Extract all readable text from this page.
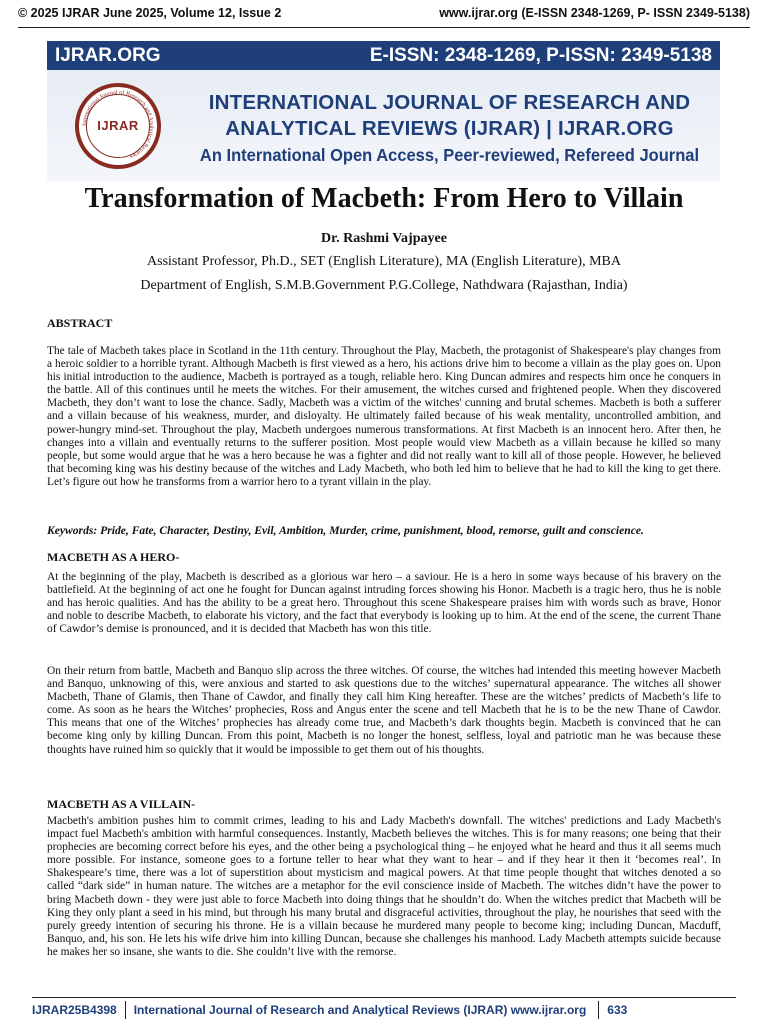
© 2025 IJRAR June 2025, Volume 12, Issue 2	www.ijrar.org (E-ISSN 2348-1269, P- ISSN 2349-5138)
IJRAR.ORG	E-ISSN: 2348-1269, P-ISSN: 2349-5138
International Journal of Research and Analytical Reviews
IJRAR
INTERNATIONAL JOURNAL OF RESEARCH AND
ANALYTICAL REVIEWS (IJRAR) | IJRAR.ORG
An International Open Access, Peer-reviewed, Refereed Journal
Transformation of Macbeth: From Hero to Villain
Dr. Rashmi Vajpayee
Assistant Professor, Ph.D., SET (English Literature), MA (English Literature), MBA
Department of English, S.M.B.Government P.G.College, Nathdwara (Rajasthan, India)
ABSTRACT

The tale of Macbeth takes place in Scotland in the 11th century. Throughout the Play, Macbeth, the protagonist of Shakespeare's play changes from a heroic soldier to a horrible tyrant. Although Macbeth is first viewed as a hero, his actions drive him to become a villain as the play goes on. Upon his initial introduction to the audience, Macbeth is portrayed as a tough, reliable hero. King Duncan admires and respects him once he conquers in the battle. All of this continues until he meets the witches. For their amusement, the witches cursed and frightened people. When they discovered Macbeth, they don’t want to lose the chance. Sadly, Macbeth was a victim of the witches' cunning and brutal schemes. Macbeth is both a sufferer and a villain because of his weakness, murder, and disloyalty. He ultimately failed because of his weak mentality, uncontrolled ambition, and power-hungry mind-set. Throughout the play, Macbeth undergoes numerous transformations. At first Macbeth is an innocent hero. After then, he changes into a villain and eventually returns to the sufferer position. Most people would view Macbeth as a villain because he killed so many people, but some would argue that he was a hero because he was a fighter and did not really want to kill all of those people. However, he believed that becoming king was his destiny because of the witches and Lady Macbeth, who both led him to believe that he had to kill the king to get there. Let’s figure out how he transforms from a warrior hero to a tyrant villain in the play.

Keywords: Pride, Fate, Character, Destiny, Evil, Ambition, Murder, crime, punishment, blood, remorse, guilt and conscience.
MACBETH AS A HERO-

At the beginning of the play, Macbeth is described as a glorious war hero – a saviour. He is a hero in some ways because of his bravery on the battlefield. At the beginning of act one he fought for Duncan against intruding forces showing his Honor. Macbeth is a tragic hero, thus he is noble and has heroic qualities. And has the ability to be a great hero. Throughout this scene Shakespeare praises him with words such as brave, Honor and noble to describe Macbeth, to elaborate his victory, and the fact that everybody is looking up to him. At the end of the scene, the current Thane of Cawdor’s demise is pronounced, and it is decided that Macbeth has won this title.

On their return from battle, Macbeth and Banquo slip across the three witches. Of course, the witches had intended this meeting however Macbeth and Banquo, unknowing of this, were anxious and started to ask questions due to the witches’ supernatural appearance. The witches all shower Macbeth, Thane of Glamis, then Thane of Cawdor, and finally they call him King hereafter. These are the witches’ predicts of Macbeth’s life to come. As soon as he hears the Witches’ prophecies, Ross and Angus enter the scene and tell Macbeth that he is to be the new Thane of Cawdor. This means that one of the Witches’ prophecies has already come true, and Macbeth’s dark thoughts begin. Macbeth is convinced that he can become king only by killing Duncan. From this point, Macbeth is no longer the honest, selfless, loyal and patriotic man he was because these thoughts have ruined him so quickly that it would be impossible to get them out of his thoughts.

MACBETH AS A VILLAIN-

Macbeth's ambition pushes him to commit crimes, leading to his and Lady Macbeth's downfall. The witches' predictions and Lady Macbeth's impact fuel Macbeth's ambition with harmful consequences. Instantly, Macbeth believes the witches. This is for many reasons; one being that their prophecies are becoming correct before his eyes, and the other being a psychological thing – he enjoyed what he heard and thus it all seems much more possible. For instance, someone goes to a fortune teller to hear what they want to hear – and if they hear it then it ‘becomes real’. In Shakespeare’s time, there was a lot of superstition about mysticism and magical powers. At that time people thought that witches denoted a so called “dark side” in human nature. The witches are a metaphor for the evil conscience inside of Macbeth. The witches didn’t have the power to bring Macbeth down - they were just able to force Macbeth into doing things that he shouldn’t do. When the witches predict that Macbeth will be King they only plant a seed in his mind, but through his many brutal and disgraceful activities, throughout the play, he nourishes that seed with the purely greedy intention of securing his throne. He is a villain because he murdered many people to become king; including Duncan, Macduff, Banquo, and, his son. He lets his wife drive him into killing Duncan, because she challenges his manhood. Lady Macbeth attempts suicide because he makes her so insane, she wants to die. She couldn’t live with the remorse.

IJRAR25B4398 International Journal of Research and Analytical Reviews (IJRAR) www.ijrar.org 633
